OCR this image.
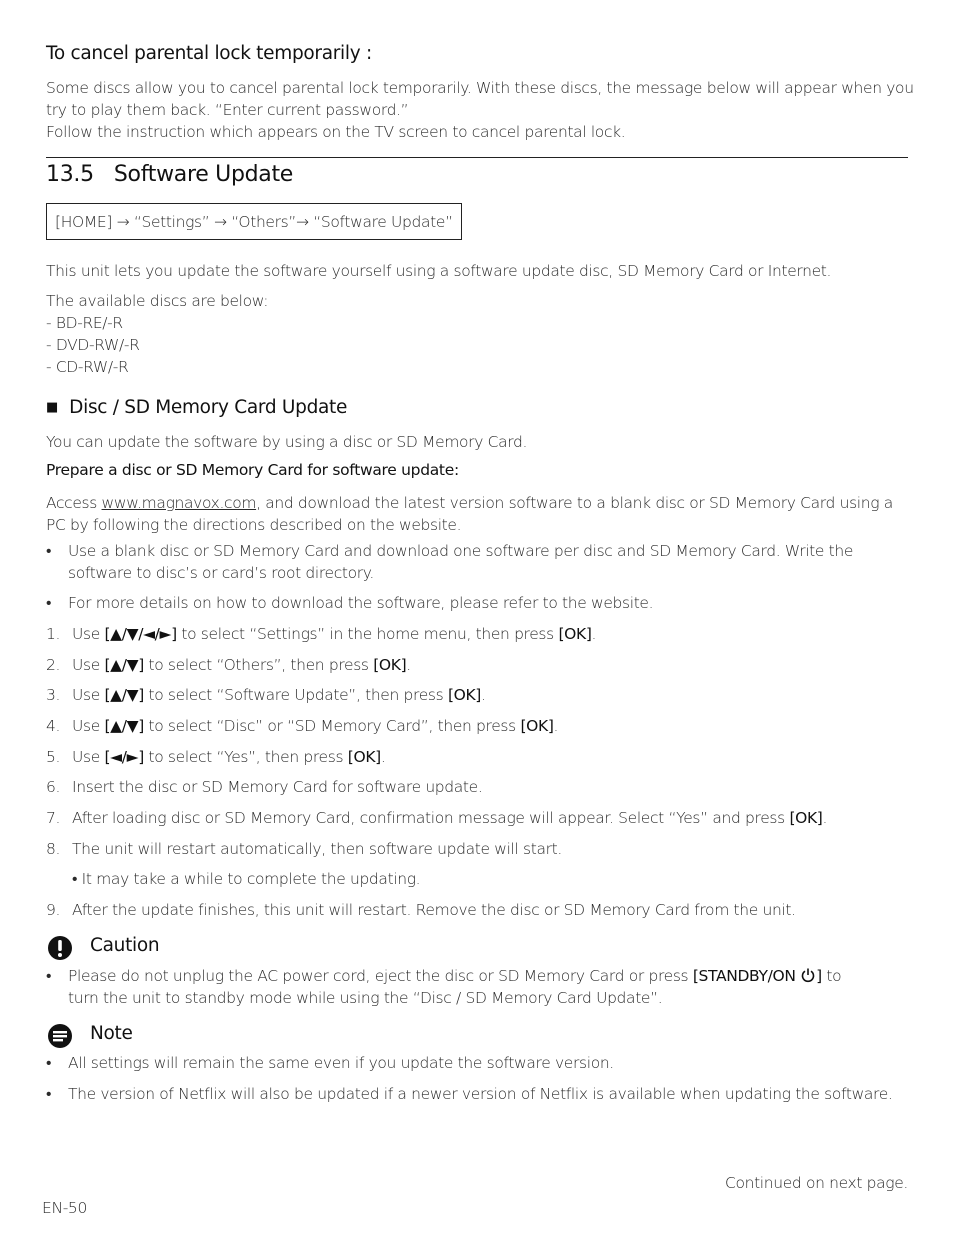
To cancel parental lock temporarily :
Some discs allow you to cancel parental lock temporarily. With these discs, the message below will appear when you
try to play them back. “Enter current password.”
Follow the instruction which appears on the TV screen to cancel parental lock.
13.5 Software Update
[HOME]
→
“Settings”
→
“Others” →
“Software Update”
This unit lets you update the software yourself using a software update disc, SD Memory Card or Internet.
The available discs are below:
- BD-RE/-R
- DVD-RW/-R
- CD-RW/-R
■ Disc / SD Memory Card Update
You can update the software by using a disc or SD Memory Card.
Prepare a disc or SD Memory Card for software update:
Access www.magnavox.com, and download the latest version software to a blank disc or SD Memory Card using a
PC by following the directions described on the website.
• Use a blank disc or SD Memory Card and download one software per disc and SD Memory Card. Write the
software to disc’s or card’s root directory.
• For more details on how to download the software, please refer to the website.
1. Use [▲/▼/◄/►] to select “Settings” in the home menu, then press [OK].
2. Use [▲/▼] to select “Others”, then press [OK].
3. Use [▲/▼] to select “Software Update”, then press [OK].
4. Use [▲/▼] to select “Disc” or “SD Memory Card”, then press [OK].
5. Use [◄/►] to select “Yes”, then press [OK].
6. Insert the disc or SD Memory Card for software update.
7. After loading disc or SD Memory Card, confirmation message will appear. Select “Yes” and press [OK].
8. The unit will restart automatically, then software update will start.
• It may take a while to complete the updating.
9. After the update finishes, this unit will restart. Remove the disc or SD Memory Card from the unit.
Caution
• Please do not unplug the AC power cord, eject the disc or SD Memory Card or press [STANDBY/ON ] to
turn the unit to standby mode while using the “Disc / SD Memory Card Update”.
Note
• All settings will remain the same even if you update the software version.
• The version of Netflix will also be updated if a newer version of Netflix is available when updating the software.
Continued on next page.
EN-50
